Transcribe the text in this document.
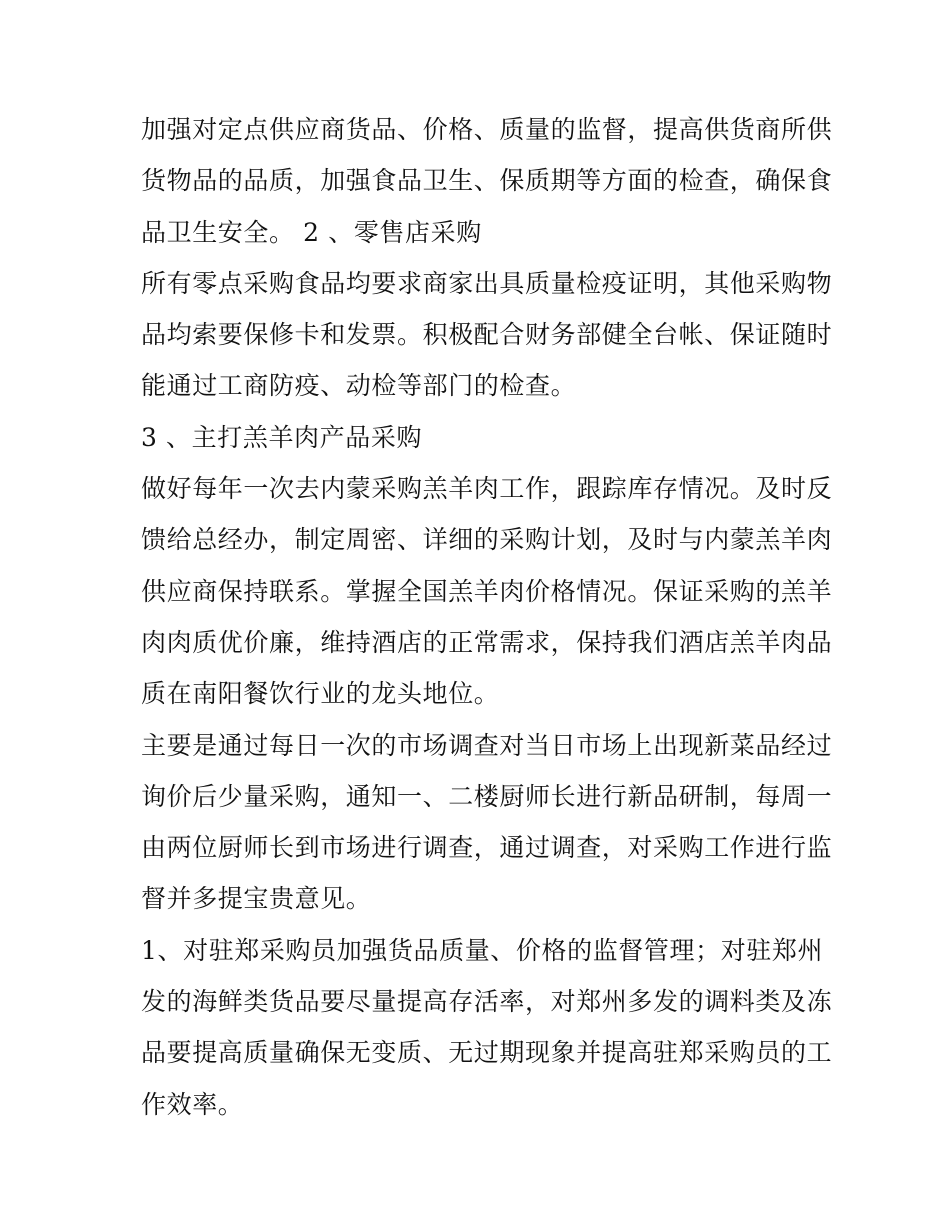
加强对定点供应商货品、价格、质量的监督，提高供货商所供
货物品的品质，加强食品卫生、保质期等方面的检查，确保食
品卫生安全。 2 、零售店采购
所有零点采购食品均要求商家出具质量检疫证明，其他采购物
品均索要保修卡和发票。积极配合财务部健全台帐、保证随时
能通过工商防疫、动检等部门的检查。
3 、主打羔羊肉产品采购
做好每年一次去内蒙采购羔羊肉工作，跟踪库存情况。及时反
馈给总经办，制定周密、详细的采购计划，及时与内蒙羔羊肉
供应商保持联系。掌握全国羔羊肉价格情况。保证采购的羔羊
肉肉质优价廉，维持酒店的正常需求，保持我们酒店羔羊肉品
质在南阳餐饮行业的龙头地位。
主要是通过每日一次的市场调查对当日市场上出现新菜品经过
询价后少量采购，通知一、二楼厨师长进行新品研制，每周一
由两位厨师长到市场进行调查，通过调查，对采购工作进行监
督并多提宝贵意见。
1、对驻郑采购员加强货品质量、价格的监督管理；对驻郑州
发的海鲜类货品要尽量提高存活率，对郑州多发的调料类及冻
品要提高质量确保无变质、无过期现象并提高驻郑采购员的工
作效率。
